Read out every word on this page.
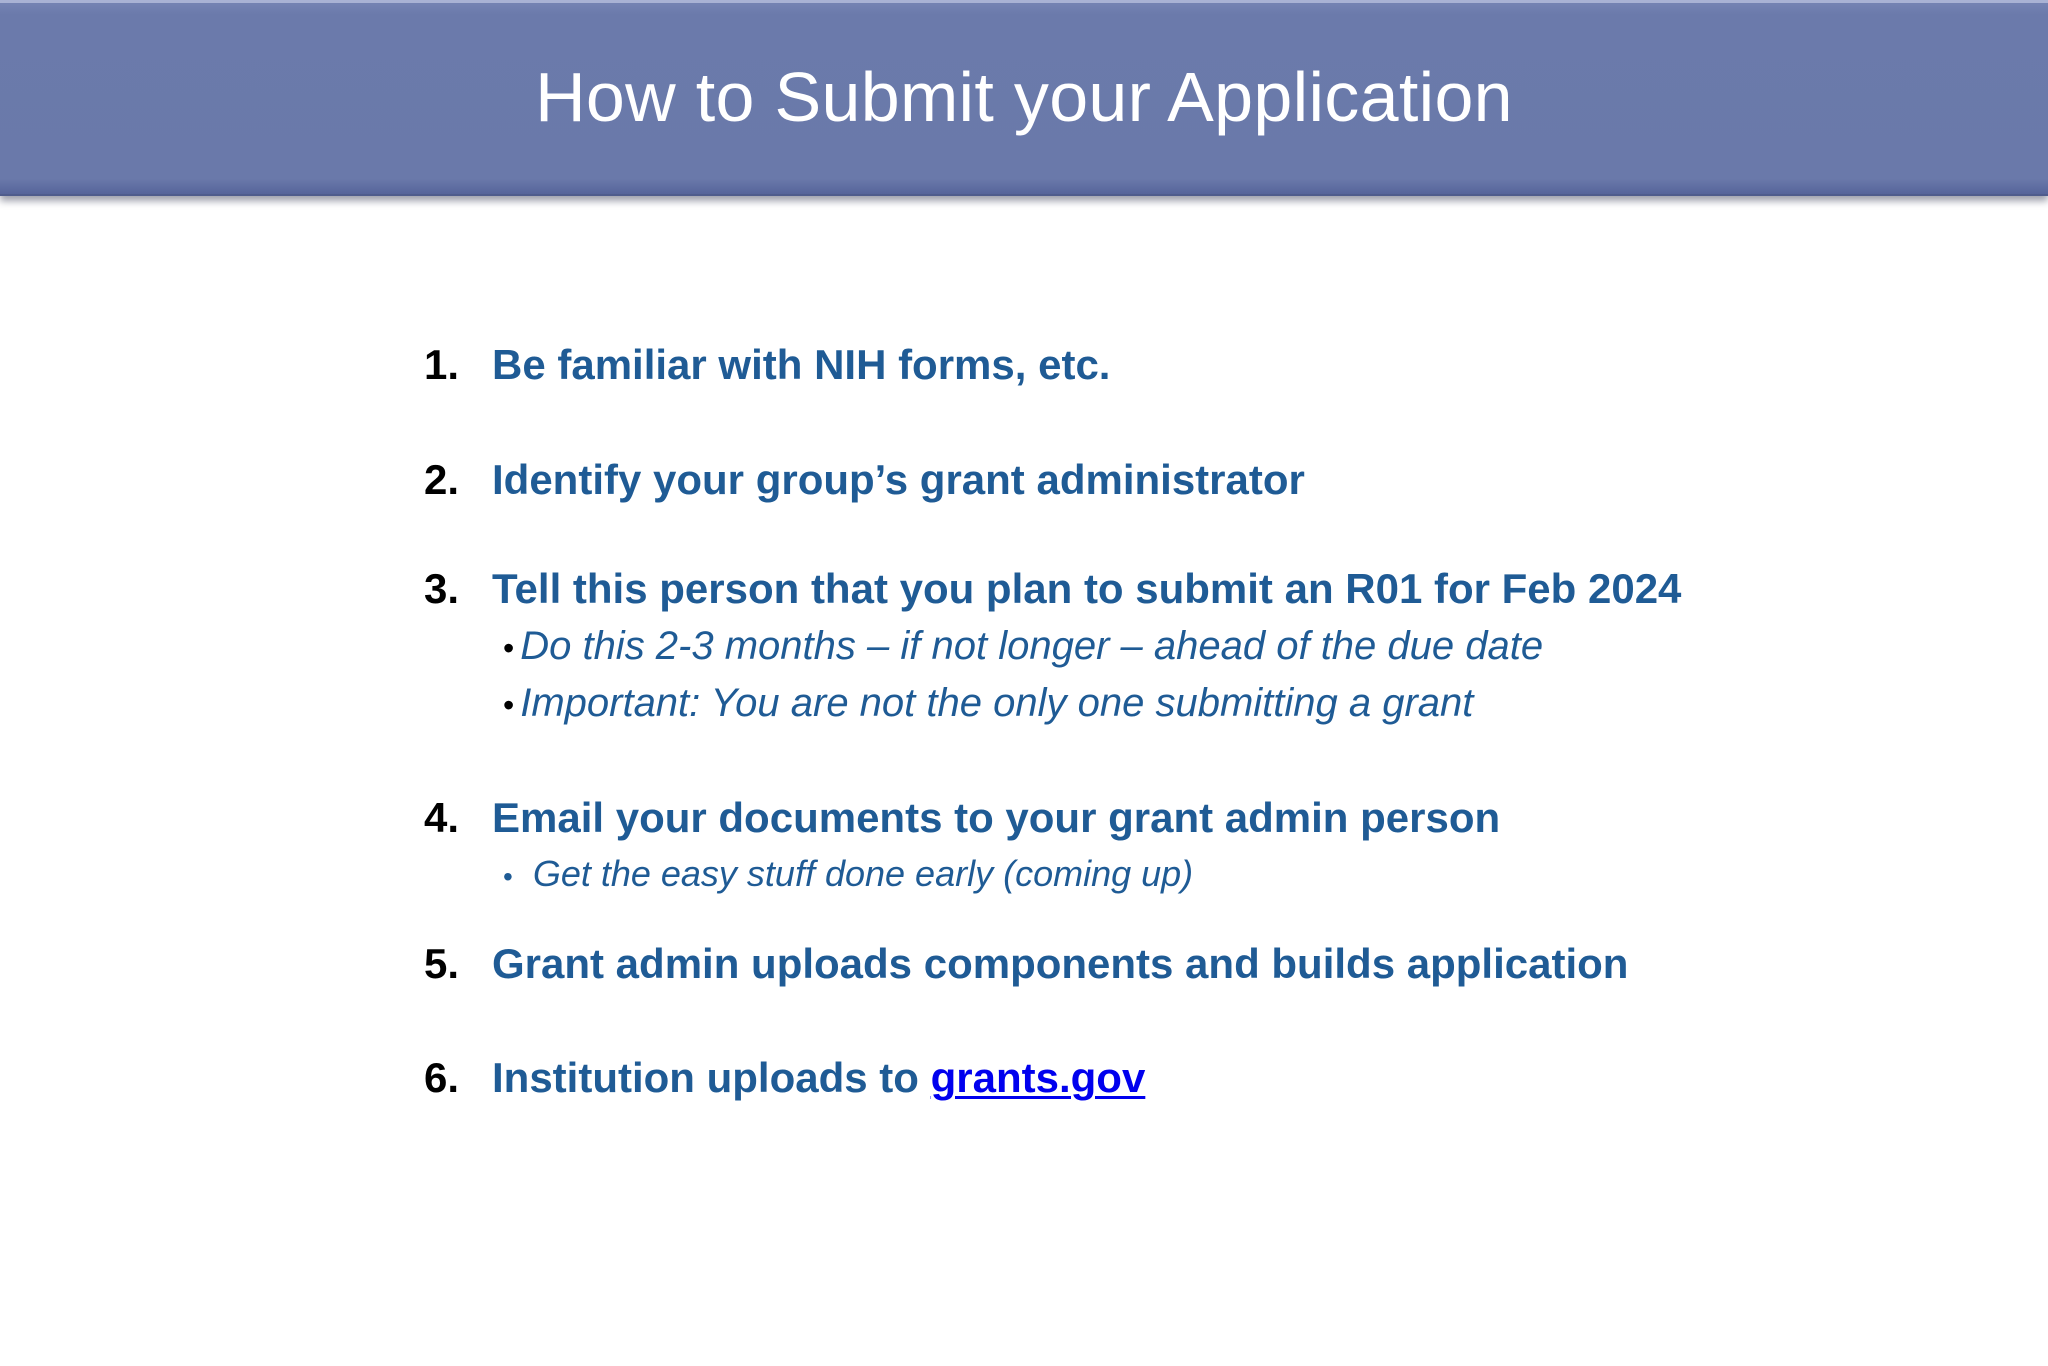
How to Submit your Application
1. Be familiar with NIH forms, etc.
2. Identify your group’s grant administrator
3. Tell this person that you plan to submit an R01 for Feb 2024
• Do this 2-3 months – if not longer – ahead of the due date
• Important: You are not the only one submitting a grant
4. Email your documents to your grant admin person
• Get the easy stuff done early (coming up)
5. Grant admin uploads components and builds application
6. Institution uploads to grants.gov
